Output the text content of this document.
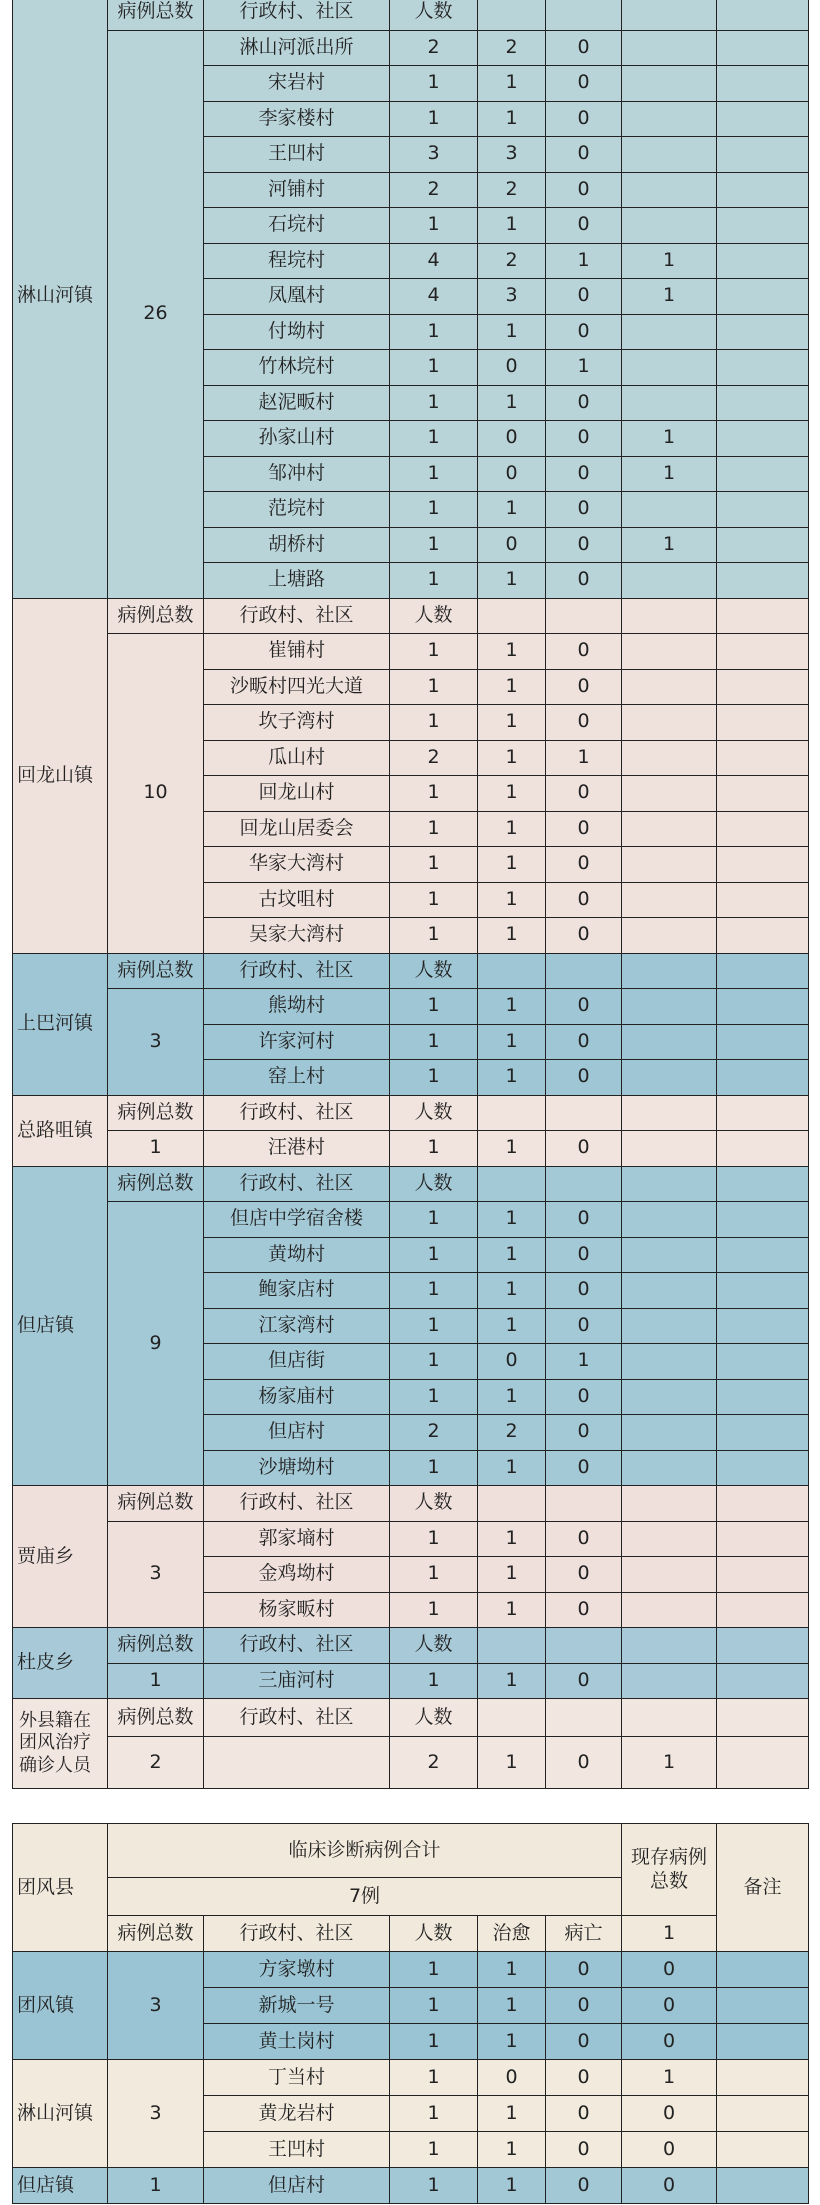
淋山河镇	病例总数	行政村、社区	人数				
	26	淋山河派出所	2	2	0		
		宋岩村	1	1	0		
		李家楼村	1	1	0		
		王凹村	3	3	0		
		河铺村	2	2	0		
		石垸村	1	1	0		
		程垸村	4	2	1	1	
		凤凰村	4	3	0	1	
		付坳村	1	1	0		
		竹林垸村	1	0	1		
		赵泥畈村	1	1	0		
		孙家山村	1	0	0	1	
		邹冲村	1	0	0	1	
		范垸村	1	1	0		
		胡桥村	1	0	0	1	
		上塘路	1	1	0		
回龙山镇	病例总数	行政村、社区	人数				
	10	崔铺村	1	1	0		
		沙畈村四光大道	1	1	0		
		坎子湾村	1	1	0		
		瓜山村	2	1	1		
		回龙山村	1	1	0		
		回龙山居委会	1	1	0		
		华家大湾村	1	1	0		
		古坟咀村	1	1	0		
		吴家大湾村	1	1	0		
上巴河镇	病例总数	行政村、社区	人数				
	3	熊坳村	1	1	0		
		许家河村	1	1	0		
		窑上村	1	1	0		
总路咀镇	病例总数	行政村、社区	人数				
	1	汪港村	1	1	0		
但店镇	病例总数	行政村、社区	人数				
	9	但店中学宿舍楼	1	1	0		
		黄坳村	1	1	0		
		鲍家店村	1	1	0		
		江家湾村	1	1	0		
		但店街	1	0	1		
		杨家庙村	1	1	0		
		但店村	2	2	0		
		沙塘坳村	1	1	0		
贾庙乡	病例总数	行政村、社区	人数				
	3	郭家墒村	1	1	0		
		金鸡坳村	1	1	0		
		杨家畈村	1	1	0		
杜皮乡	病例总数	行政村、社区	人数				
	1	三庙河村	1	1	0		
外县籍在团风治疗确诊人员	病例总数	行政村、社区	人数				
	2		2	1	0	1	
团风县	临床诊断病例合计					现存病例总数	备注
	7例						
	病例总数	行政村、社区	人数	治愈	病亡	1	
团风镇	3	方家墩村	1	1	0	0	
		新城一号	1	1	0	0	
		黄土岗村	1	1	0	0	
淋山河镇	3	丁当村	1	0	0	1	
		黄龙岩村	1	1	0	0	
		王凹村	1	1	0	0	
但店镇	1	但店村	1	1	0	0	
